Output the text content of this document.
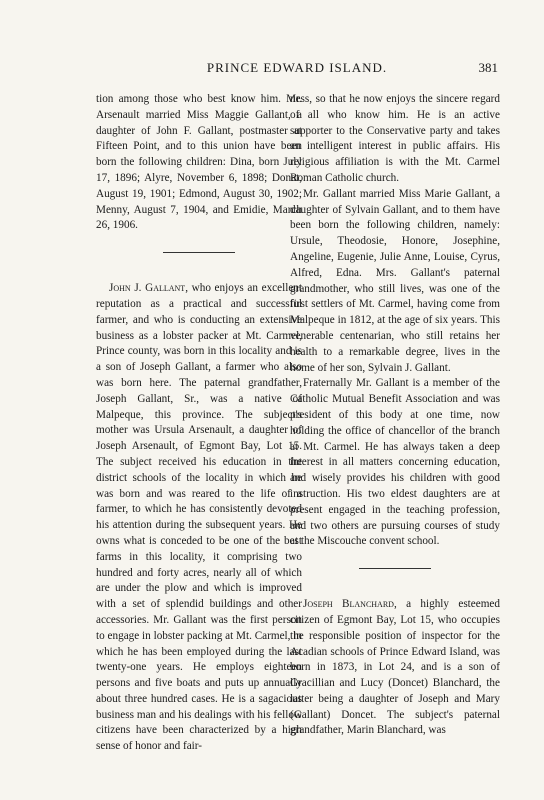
PRINCE EDWARD ISLAND.	381

tion among those who best know him. Mr. Arsenault married Miss Maggie Gallant, a daughter of John F. Gallant, postmaster at Fifteen Point, and to this union have been born the following children: Dina, born July 17, 1896; Alyre, November 6, 1898; Donat, August 19, 1901; Edmond, August 30, 1902; Menny, August 7, 1904, and Emidie, March 26, 1906.

John J. Gallant, who enjoys an excellent reputation as a practical and successful farmer, and who is conducting an extensive business as a lobster packer at Mt. Carmel, Prince county, was born in this locality and is a son of Joseph Gallant, a farmer who also was born here. The paternal grandfather, Joseph Gallant, Sr., was a native of Malpeque, this province. The subject's mother was Ursula Arsenault, a daughter of Joseph Arsenault, of Egmont Bay, Lot 15. The subject received his education in the district schools of the locality in which he was born and was reared to the life of a farmer, to which he has consistently devoted his attention during the subsequent years. He owns what is conceded to be one of the best farms in this locality, it comprising two hundred and forty acres, nearly all of which are under the plow and which is improved with a set of splendid buildings and other accessories. Mr. Gallant was the first person to engage in lobster packing at Mt. Carmel, in which he has been employed during the last twenty-one years. He employs eighteen persons and five boats and puts up annually about three hundred cases. He is a sagacious business man and his dealings with his fellow citizens have been characterized by a high sense of honor and fair-

ness, so that he now enjoys the sincere regard of all who know him. He is an active supporter to the Conservative party and takes an intelligent interest in public affairs. His religious affiliation is with the Mt. Carmel Roman Catholic church.

Mr. Gallant married Miss Marie Gallant, a daughter of Sylvain Gallant, and to them have been born the following children, namely: Ursule, Theodosie, Honore, Josephine, Angeline, Eugenie, Julie Anne, Louise, Cyrus, Alfred, Edna. Mrs. Gallant's paternal grandmother, who still lives, was one of the first settlers of Mt. Carmel, having come from Malpeque in 1812, at the age of six years. This venerable centenarian, who still retains her health to a remarkable degree, lives in the home of her son, Sylvain J. Gallant.

Fraternally Mr. Gallant is a member of the Catholic Mutual Benefit Association and was president of this body at one time, now holding the office of chancellor of the branch at Mt. Carmel. He has always taken a deep interest in all matters concerning education, and wisely provides his children with good instruction. His two eldest daughters are at present engaged in the teaching profession, and two others are pursuing courses of study at the Miscouche convent school.

Joseph Blanchard, a highly esteemed citizen of Egmont Bay, Lot 15, who occupies the responsible position of inspector for the Acadian schools of Prince Edward Island, was born in 1873, in Lot 24, and is a son of Gracillian and Lucy (Doncet) Blanchard, the latter being a daughter of Joseph and Mary (Gallant) Doncet. The subject's paternal grandfather, Marin Blanchard, was
